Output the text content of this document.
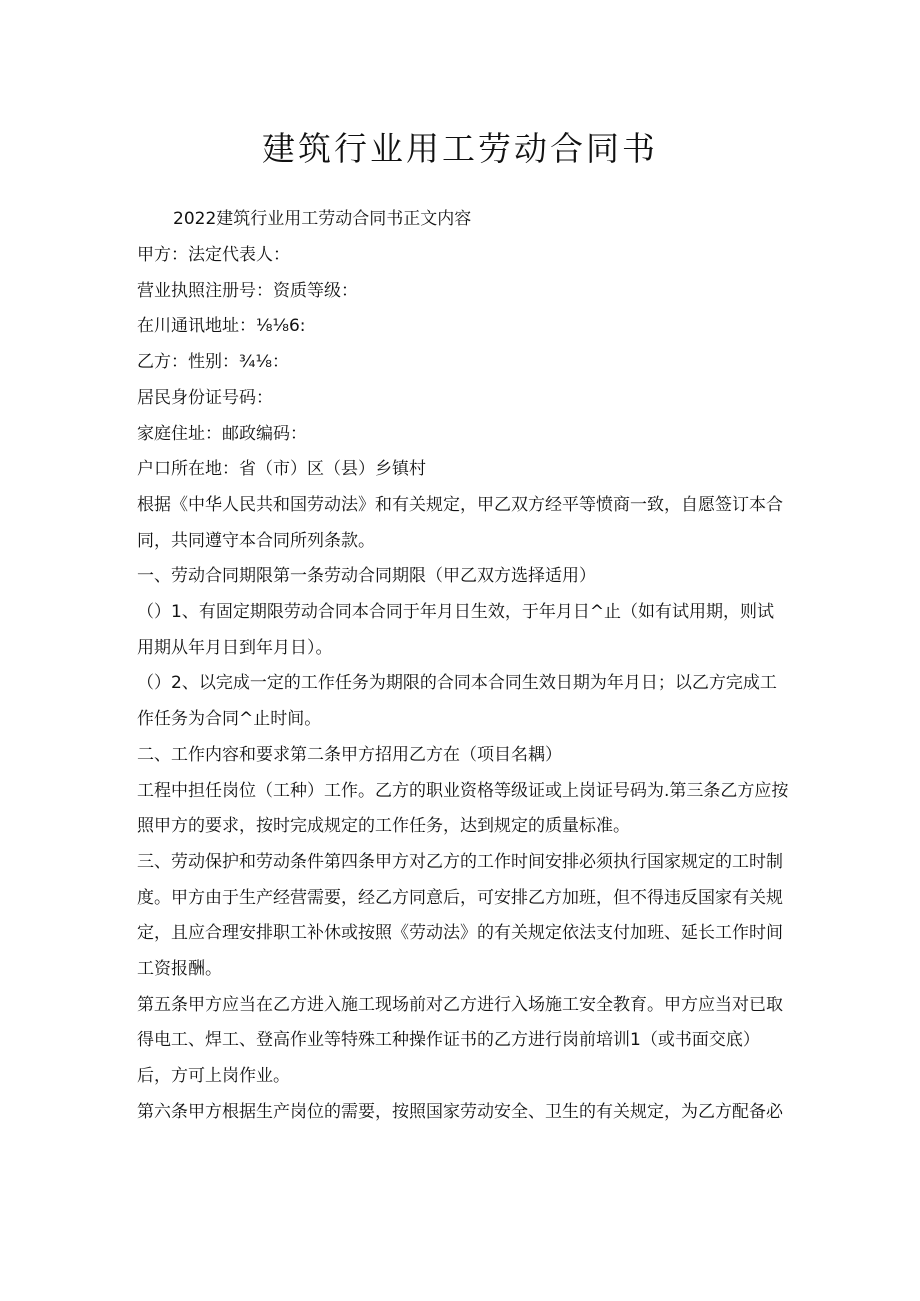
建筑行业用工劳动合同书

2022建筑行业用工劳动合同书正文内容

甲方：法定代表人：

营业执照注册号：资质等级：

在川通讯地址：⅛⅛6:

乙方：性别：¾⅛：

居民身份证号码：

家庭住址：邮政编码：

户口所在地：省（市）区（县）乡镇村

根据《中华人民共和国劳动法》和有关规定，甲乙双方经平等愤商一致，自愿签订本合同，共同遵守本合同所列条款。

一、劳动合同期限第一条劳动合同期限（甲乙双方选择适用）

（）1、有固定期限劳动合同本合同于年月日生效，于年月日^止（如有试用期，则试用期从年月日到年月日）。

（）2、以完成一定的工作任务为期限的合同本合同生效日期为年月日；以乙方完成工作任务为合同^止时间。

二、工作内容和要求第二条甲方招用乙方在（项目名耦）

工程中担任岗位（工种）工作。乙方的职业资格等级证或上岗证号码为.第三条乙方应按照甲方的要求，按时完成规定的工作任务，达到规定的质量标准。

三、劳动保护和劳动条件第四条甲方对乙方的工作时间安排必须执行国家规定的工时制度。甲方由于生产经营需要，经乙方同意后，可安排乙方加班，但不得违反国家有关规定，且应合理安排职工补休或按照《劳动法》的有关规定依法支付加班、延长工作时间工资报酬。

第五条甲方应当在乙方进入施工现场前对乙方进行入场施工安全教育。甲方应当对已取得电工、焊工、登高作业等特殊工种操作证书的乙方进行岗前培训1（或书面交底）后，方可上岗作业。

第六条甲方根据生产岗位的需要，按照国家劳动安全、卫生的有关规定，为乙方配备必
